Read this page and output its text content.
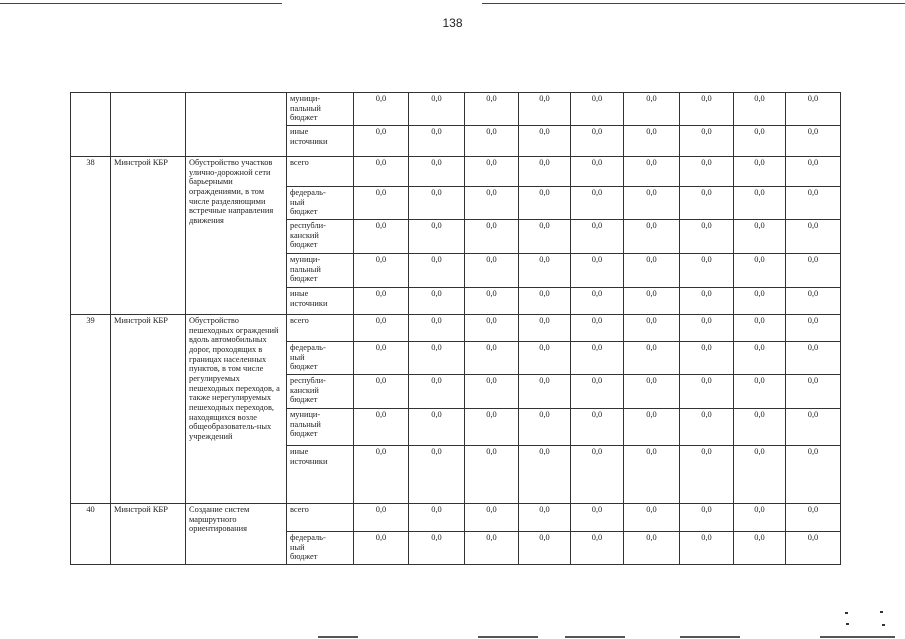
138
			муници-
пальный
бюджет	0,0	0,0	0,0	0,0	0,0	0,0	0,0	0,0	0,0
			иные
источники	0,0	0,0	0,0	0,0	0,0	0,0	0,0	0,0	0,0
38	Минстрой КБР	Обустройство участков улично-дорожной сети барьерными ограждениями, в том числе разделяющими встречные направления движения	всего	0,0	0,0	0,0	0,0	0,0	0,0	0,0	0,0	0,0
			федераль-
ный
бюджет	0,0	0,0	0,0	0,0	0,0	0,0	0,0	0,0	0,0
			республи-
канский
бюджет	0,0	0,0	0,0	0,0	0,0	0,0	0,0	0,0	0,0
			муници-
пальный
бюджет	0,0	0,0	0,0	0,0	0,0	0,0	0,0	0,0	0,0
			иные
источники	0,0	0,0	0,0	0,0	0,0	0,0	0,0	0,0	0,0
39	Минстрой КБР	Обустройство пешеходных ограждений вдоль автомобильных дорог, проходящих в границах населенных пунктов, в том числе регулируемых пешеходных переходов, а также нерегулируемых пешеходных переходов, находящихся возле общеобразователь-ных учреждений	всего	0,0	0,0	0,0	0,0	0,0	0,0	0,0	0,0	0,0
			федераль-
ный
бюджет	0,0	0,0	0,0	0,0	0,0	0,0	0,0	0,0	0,0
			республи-
канский
бюджет	0,0	0,0	0,0	0,0	0,0	0,0	0,0	0,0	0,0
			муници-
пальный
бюджет	0,0	0,0	0,0	0,0	0,0	0,0	0,0	0,0	0,0
			иные
источники	0,0	0,0	0,0	0,0	0,0	0,0	0,0	0,0	0,0
40	Минстрой КБР	Создание систем маршрутного ориентирования	всего	0,0	0,0	0,0	0,0	0,0	0,0	0,0	0,0	0,0
			федераль-
ный
бюджет	0,0	0,0	0,0	0,0	0,0	0,0	0,0	0,0	0,0
